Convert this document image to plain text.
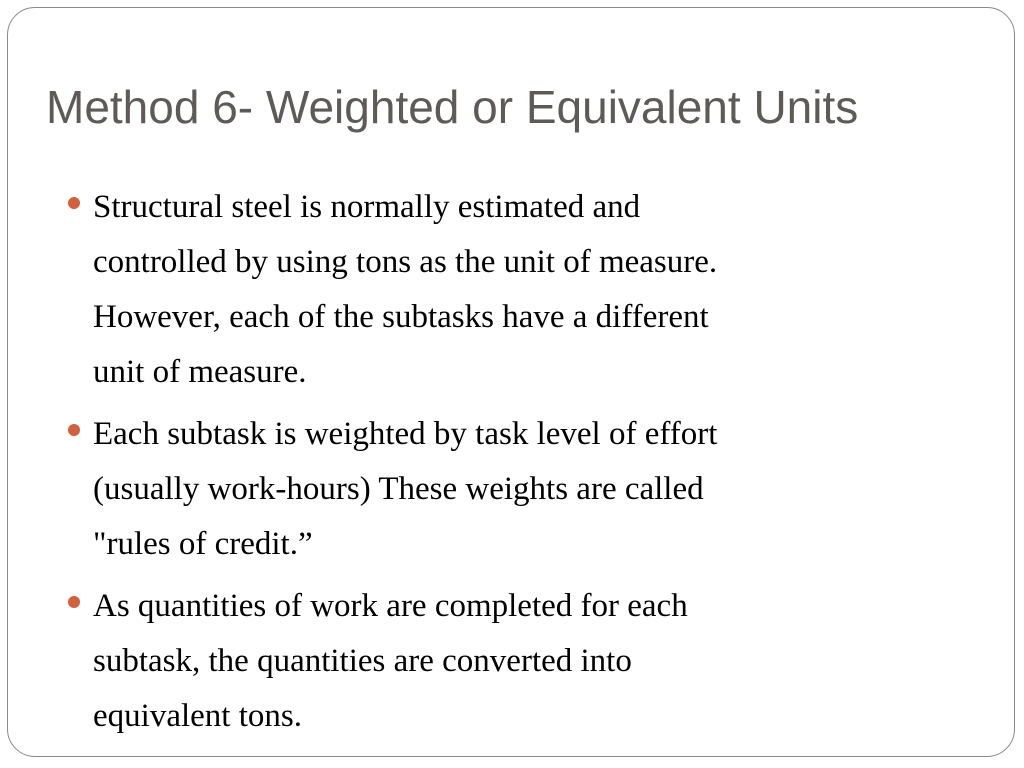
Method 6- Weighted or Equivalent Units
Structural steel is normally estimated and
controlled by using tons as the unit of measure.
However, each of the subtasks have a different
unit of measure.
Each subtask is weighted by task level of effort
(usually work-hours) These weights are called
"rules of credit.”
As quantities of work are completed for each
subtask, the quantities are converted into
equivalent tons.
